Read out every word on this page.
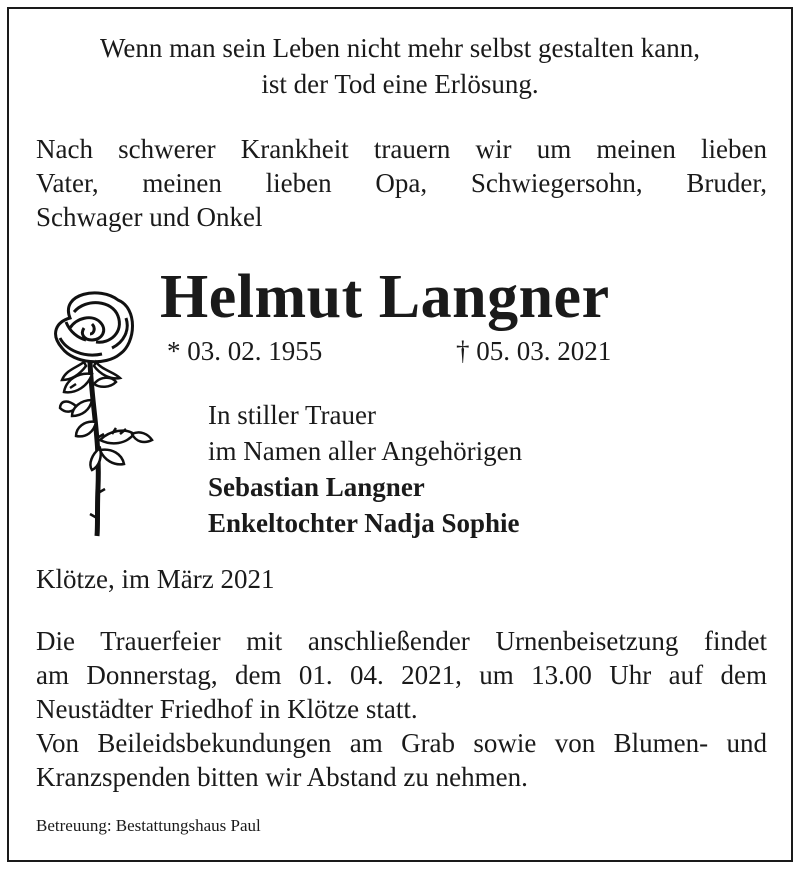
Wenn man sein Leben nicht mehr selbst gestalten kann,
ist der Tod eine Erlösung.
Nach schwerer Krankheit trauern wir um meinen lieben
Vater, meinen lieben Opa, Schwiegersohn, Bruder,
Schwager und Onkel
Helmut Langner
* 03. 02. 1955	† 05. 03. 2021
In stiller Trauer
im Namen aller Angehörigen
Sebastian Langner
Enkeltochter Nadja Sophie
Klötze, im März 2021
Die Trauerfeier mit anschließender Urnenbeisetzung findet
am Donnerstag, dem 01. 04. 2021, um 13.00 Uhr auf dem
Neustädter Friedhof in Klötze statt.
Von Beileidsbekundungen am Grab sowie von Blumen- und
Kranzspenden bitten wir Abstand zu nehmen.
Betreuung: Bestattungshaus Paul
